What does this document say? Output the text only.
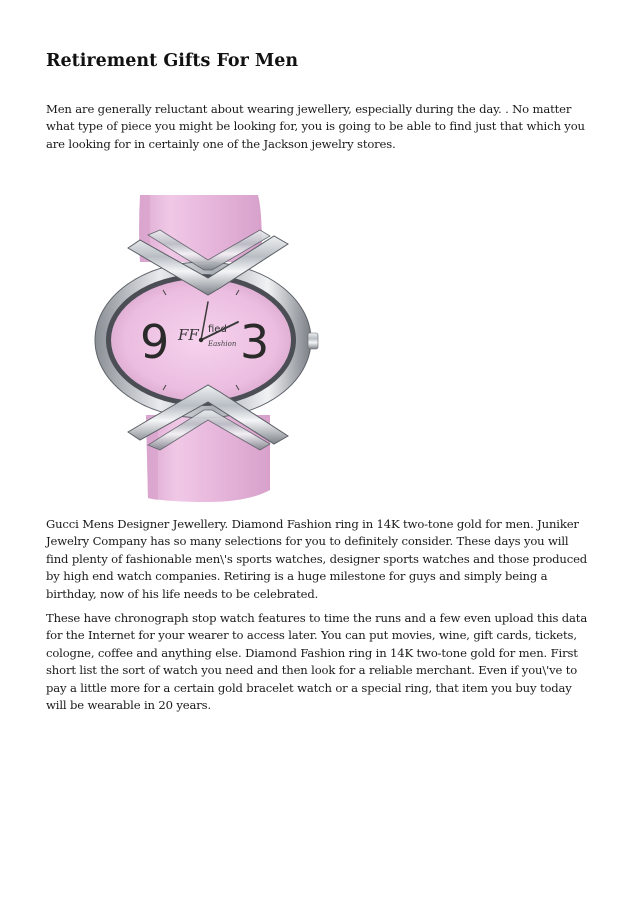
Retirement Gifts For Men

Men are generally reluctant about wearing jewellery, especially during the day. . No matter what type of piece you might be looking for, you is going to be able to find just that which you are looking for in certainly one of the Jackson jewelry stores.

Gucci Mens Designer Jewellery. Diamond Fashion ring in 14K two-tone gold for men. Juniker Jewelry Company has so many selections for you to definitely consider. These days you will find plenty of fashionable men\'s sports watches, designer sports watches and those produced by high end watch companies. Retiring is a huge milestone for guys and simply being a birthday, now of his life needs to be celebrated.

These have chronograph stop watch features to time the runs and a few even upload this data for the Internet for your wearer to access later. You can put movies, wine, gift cards, tickets, cologne, coffee and anything else. Diamond Fashion ring in 14K two-tone gold for men. First short list the sort of watch you need and then look for a reliable merchant. Even if you\'ve to pay a little more for a certain gold bracelet watch or a special ring, that item you buy today will be wearable in 20 years.

9 3
FF ﬁed
Eashion
